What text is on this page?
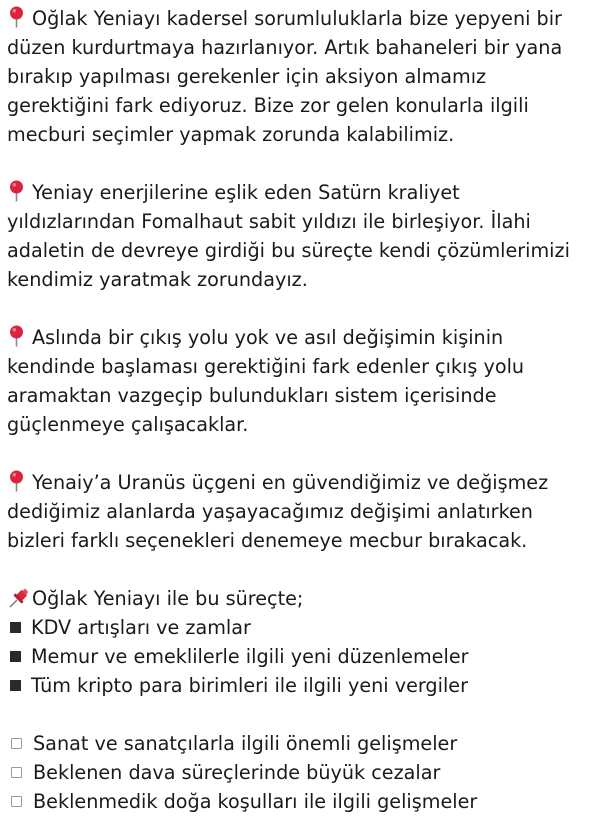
Oğlak Yeniayı kadersel sorumluluklarla bize yepyeni bir düzen kurdurtmaya hazırlanıyor. Artık bahaneleri bir yana bırakıp yapılması gerekenler için aksiyon almamız gerektiğini fark ediyoruz. Bize zor gelen konularla ilgili mecburi seçimler yapmak zorunda kalabilimiz.

Yeniay enerjilerine eşlik eden Satürn kraliyet yıldızlarından Fomalhaut sabit yıldızı ile birleşiyor. İlahi adaletin de devreye girdiği bu süreçte kendi çözümlerimizi kendimiz yaratmak zorundayız.

Aslında bir çıkış yolu yok ve asıl değişimin kişinin kendinde başlaması gerektiğini fark edenler çıkış yolu aramaktan vazgeçip bulundukları sistem içerisinde güçlenmeye çalışacaklar.

Yenaiy’a Uranüs üçgeni en güvendiğimiz ve değişmez dediğimiz alanlarda yaşayacağımız değişimi anlatırken bizleri farklı seçenekleri denemeye mecbur bırakacak.

Oğlak Yeniayı ile bu süreçte;

KDV artışları ve zamlar
Memur ve emeklilerle ilgili yeni düzenlemeler
Tüm kripto para birimleri ile ilgili yeni vergiler
Sanat ve sanatçılarla ilgili önemli gelişmeler
Beklenen dava süreçlerinde büyük cezalar
Beklenmedik doğa koşulları ile ilgili gelişmeler
